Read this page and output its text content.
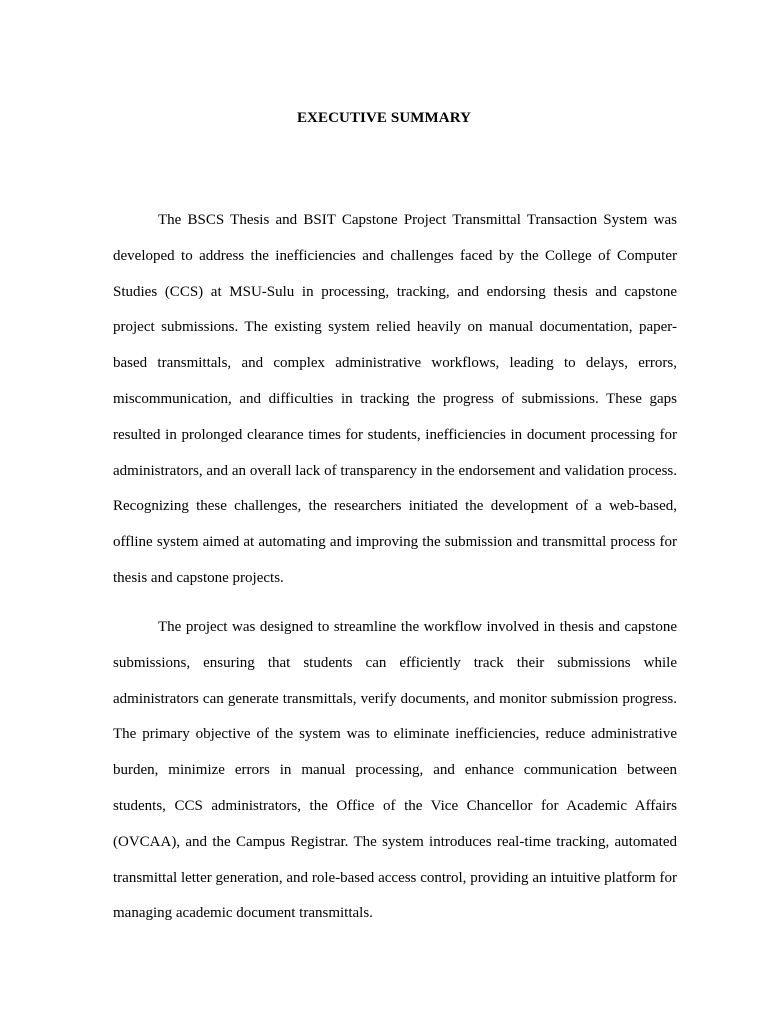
EXECUTIVE SUMMARY

The BSCS Thesis and BSIT Capstone Project Transmittal Transaction System was developed to address the inefficiencies and challenges faced by the College of Computer Studies (CCS) at MSU-Sulu in processing, tracking, and endorsing thesis and capstone project submissions. The existing system relied heavily on manual documentation, paper-based transmittals, and complex administrative workflows, leading to delays, errors, miscommunication, and difficulties in tracking the progress of submissions. These gaps resulted in prolonged clearance times for students, inefficiencies in document processing for administrators, and an overall lack of transparency in the endorsement and validation process. Recognizing these challenges, the researchers initiated the development of a web-based, offline system aimed at automating and improving the submission and transmittal process for thesis and capstone projects.

The project was designed to streamline the workflow involved in thesis and capstone submissions, ensuring that students can efficiently track their submissions while administrators can generate transmittals, verify documents, and monitor submission progress. The primary objective of the system was to eliminate inefficiencies, reduce administrative burden, minimize errors in manual processing, and enhance communication between students, CCS administrators, the Office of the Vice Chancellor for Academic Affairs (OVCAA), and the Campus Registrar. The system introduces real-time tracking, automated transmittal letter generation, and role-based access control, providing an intuitive platform for managing academic document transmittals.
